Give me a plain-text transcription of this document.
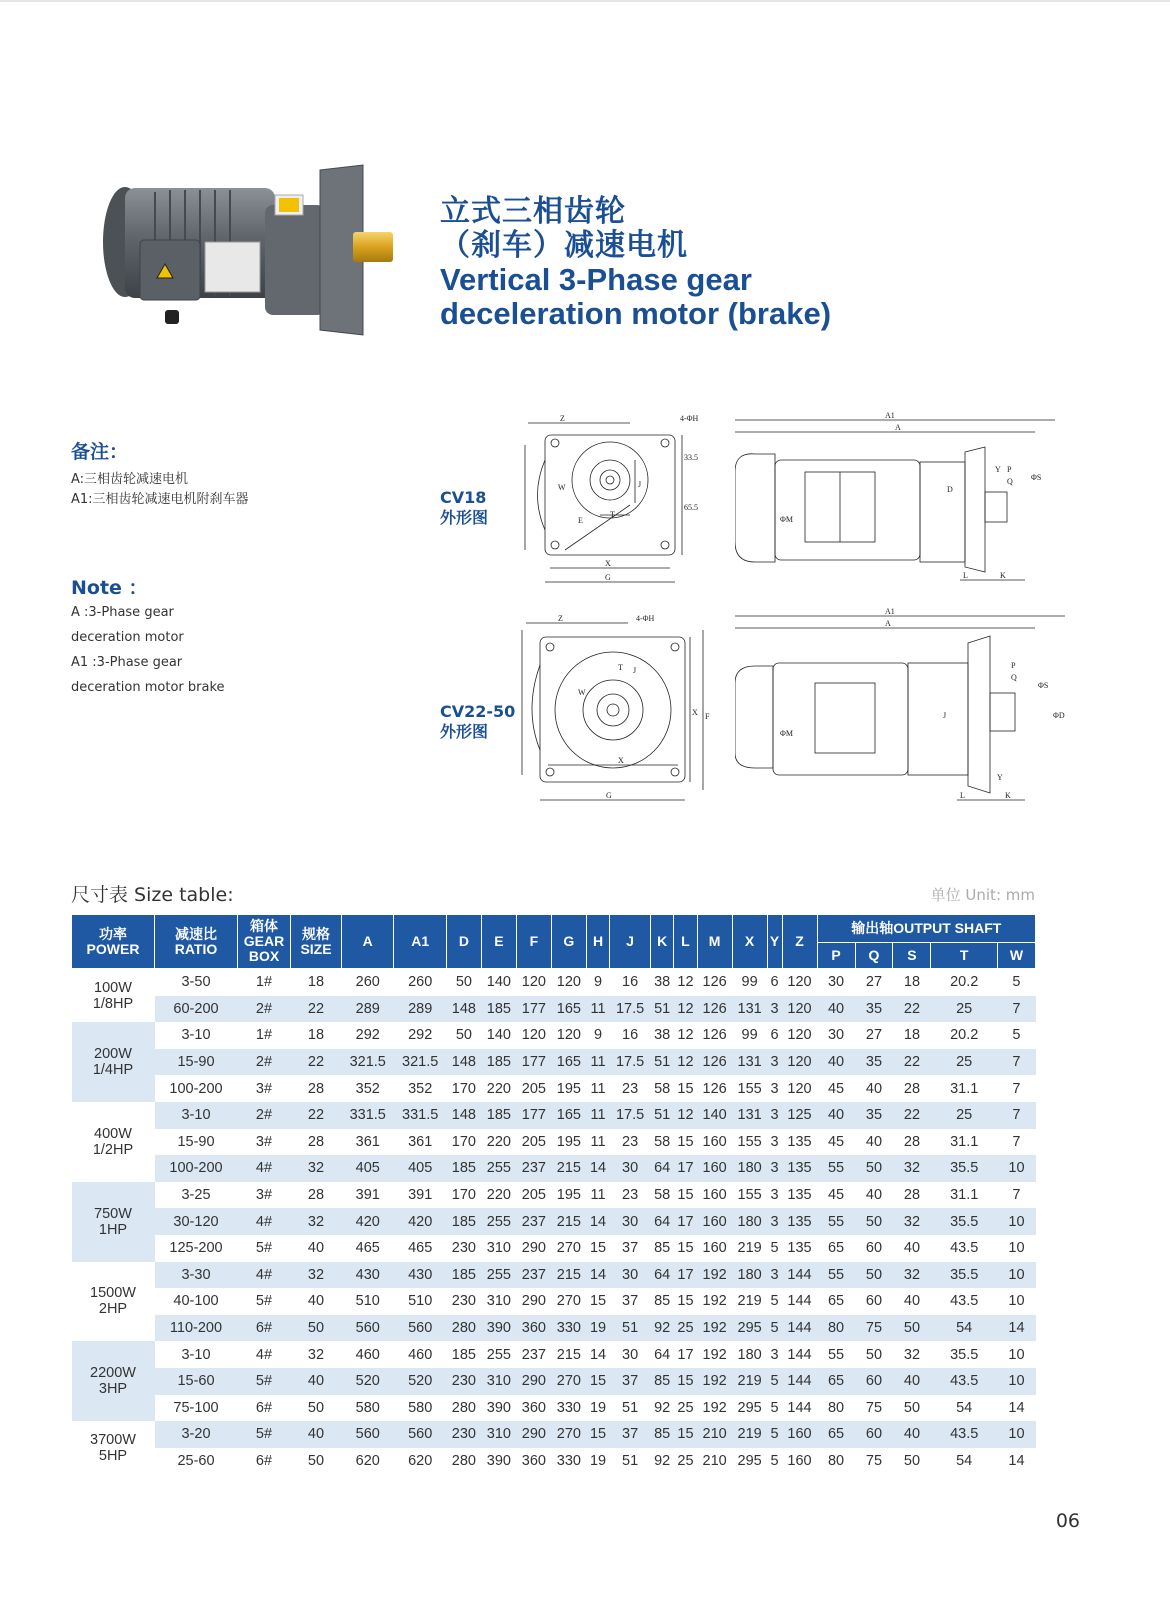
立式三相齿轮
（刹车）减速电机
Vertical 3-Phase gear
deceleration motor (brake)
备注：
A:三相齿轮减速电机
A1:三相齿轮减速电机附刹车器
Note ：
A :3-Phase gear
deceration motor
A1 :3-Phase gear
deceration motor brake
CV18
外形图
CV22-50
外形图
Z	4-ΦH
W	J
T
E
33.5
65.5
X
G
A1
A
D
ΦM
Y P
Q ΦS
L	K
Z	4-ΦH
W
J
T
X F
X
G
A1
A
J
ΦM
P
Q
ΦS
ΦD
Y
L	K
尺寸表 Size table:	单位 Unit: mm
功率
POWER	减速比
RATIO	箱体
GEAR
BOX	规格
SIZE	A	A1	D	E	F	G	H	J	K	L	M	X	Y	Z	输出轴OUTPUT SHAFT				
																		P	Q	S	T	W

100W
1/8HP	3-50	1#	18	260	260	50	140	120	120	9	16	38	12	126	99	6	120	30	27	18	20.2	5
	60-200	2#	22	289	289	148	185	177	165	11	17.5	51	12	126	131	3	120	40	35	22	25	7

200W
1/4HP	3-10	1#	18	292	292	50	140	120	120	9	16	38	12	126	99	6	120	30	27	18	20.2	5
	15-90	2#	22	321.5	321.5	148	185	177	165	11	17.5	51	12	126	131	3	120	40	35	22	25	7
	100-200	3#	28	352	352	170	220	205	195	11	23	58	15	126	155	3	120	45	40	28	31.1	7

400W
1/2HP	3-10	2#	22	331.5	331.5	148	185	177	165	11	17.5	51	12	140	131	3	125	40	35	22	25	7
	15-90	3#	28	361	361	170	220	205	195	11	23	58	15	160	155	3	135	45	40	28	31.1	7
	100-200	4#	32	405	405	185	255	237	215	14	30	64	17	160	180	3	135	55	50	32	35.5	10

750W
1HP	3-25	3#	28	391	391	170	220	205	195	11	23	58	15	160	155	3	135	45	40	28	31.1	7
	30-120	4#	32	420	420	185	255	237	215	14	30	64	17	160	180	3	135	55	50	32	35.5	10
	125-200	5#	40	465	465	230	310	290	270	15	37	85	15	160	219	5	135	65	60	40	43.5	10

1500W
2HP	3-30	4#	32	430	430	185	255	237	215	14	30	64	17	192	180	3	144	55	50	32	35.5	10
	40-100	5#	40	510	510	230	310	290	270	15	37	85	15	192	219	5	144	65	60	40	43.5	10
	110-200	6#	50	560	560	280	390	360	330	19	51	92	25	192	295	5	144	80	75	50	54	14

2200W
3HP	3-10	4#	32	460	460	185	255	237	215	14	30	64	17	192	180	3	144	55	50	32	35.5	10
	15-60	5#	40	520	520	230	310	290	270	15	37	85	15	192	219	5	144	65	60	40	43.5	10
	75-100	6#	50	580	580	280	390	360	330	19	51	92	25	192	295	5	144	80	75	50	54	14

3700W
5HP	3-20	5#	40	560	560	230	310	290	270	15	37	85	15	210	219	5	160	65	60	40	43.5	10
	25-60	6#	50	620	620	280	390	360	330	19	51	92	25	210	295	5	160	80	75	50	54	14
06
